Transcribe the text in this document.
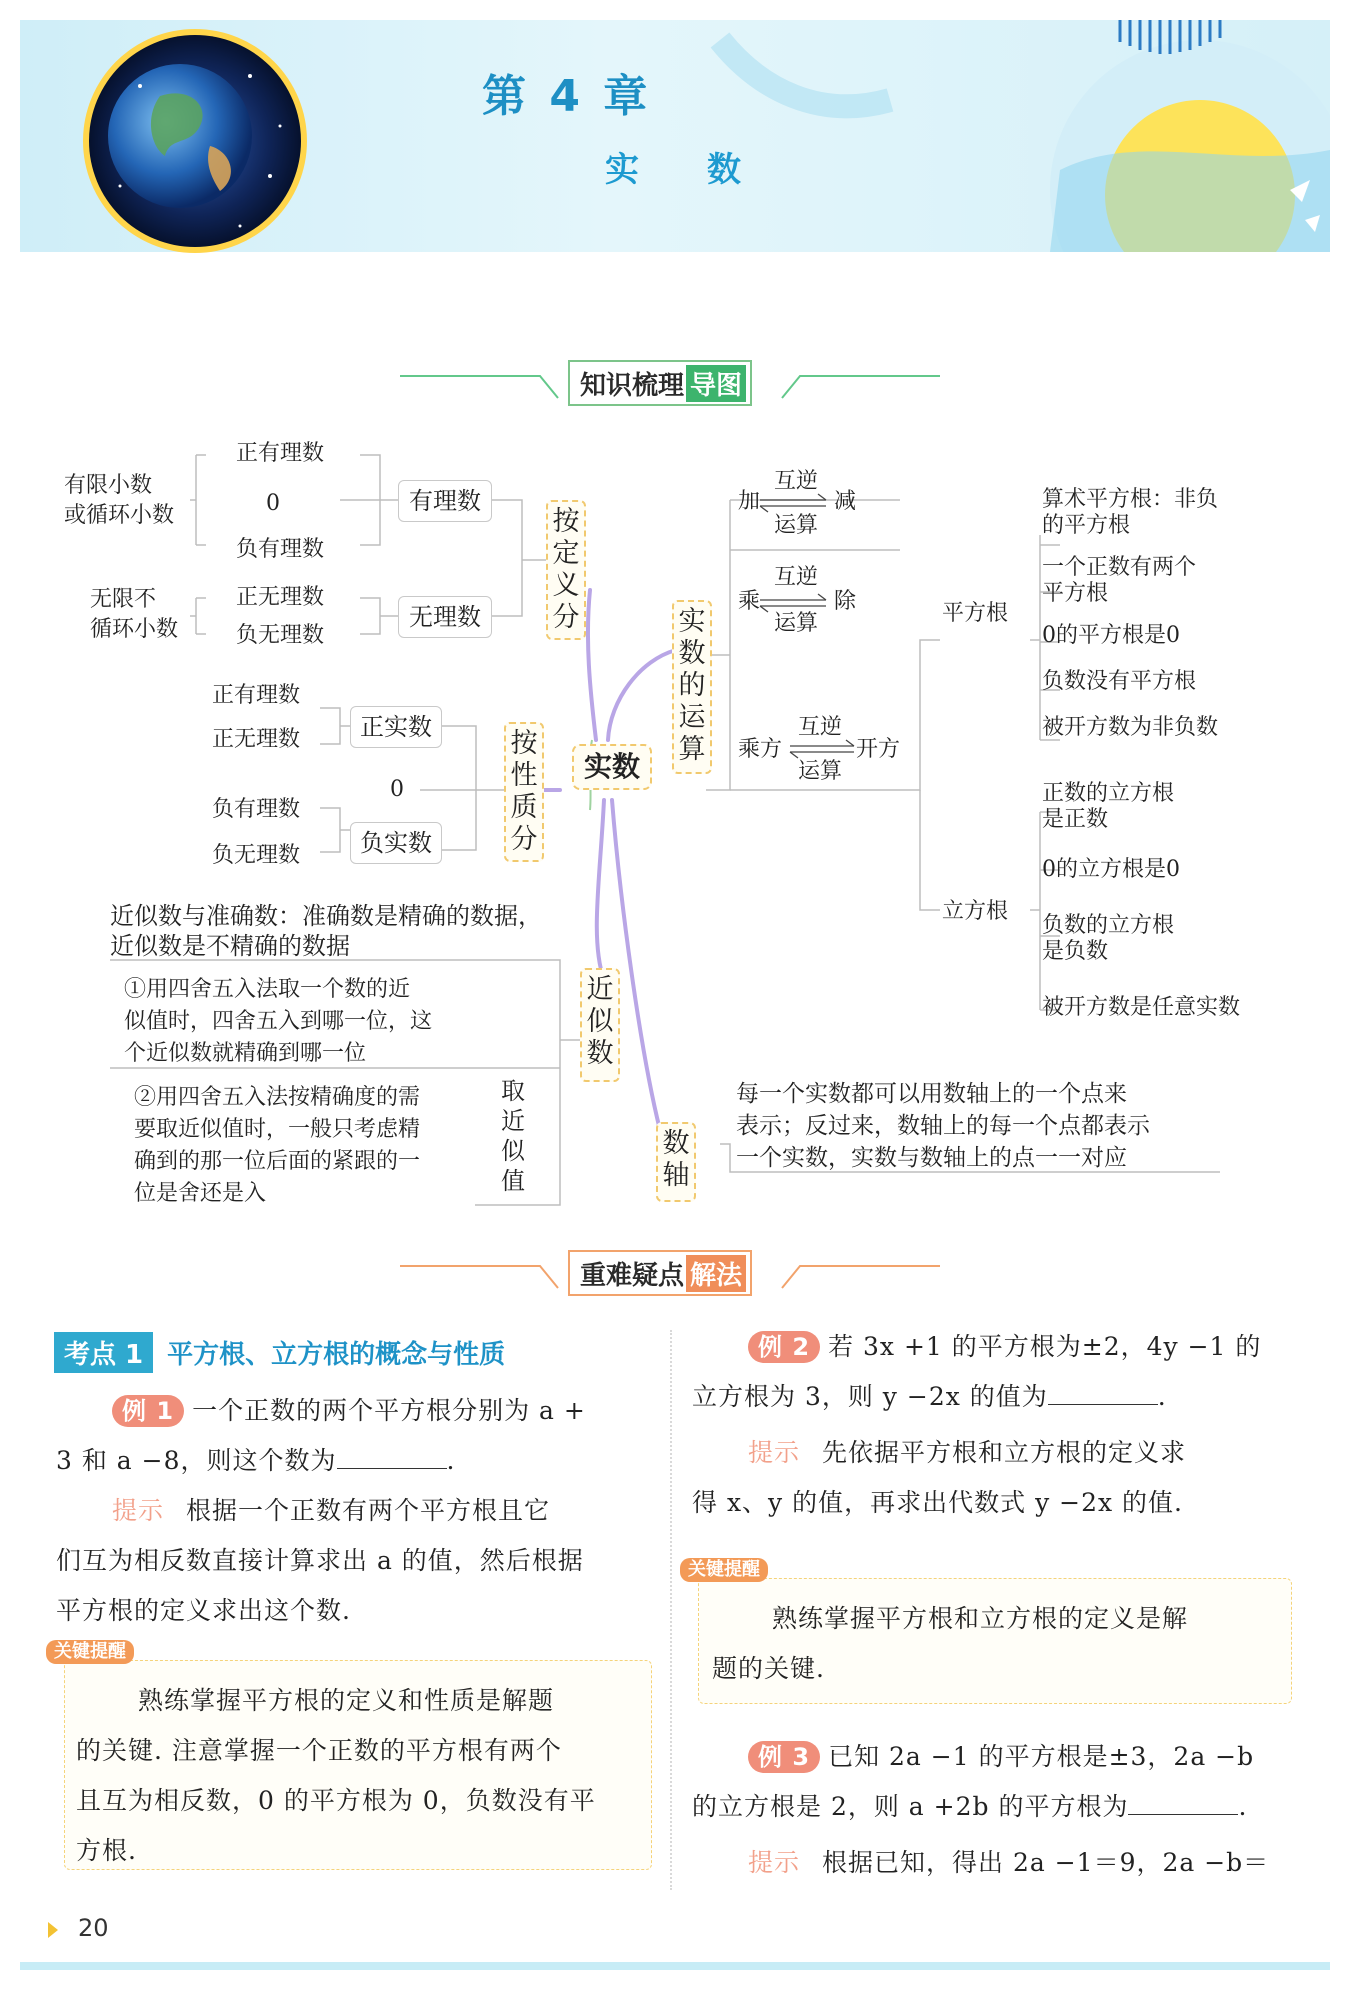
第 4 章
实　　数
知识梳理 导图
有限小数
或循环小数
无限不
循环小数
正有理数
0
负有理数
正无理数
负无理数
有理数
无理数
按
定
义
分
正有理数
正无理数
0
负有理数
负无理数
正实数
负实数
按
性
质
分
实数
近似数与准确数：准确数是精确的数据，
近似数是不精确的数据
①用四舍五入法取一个数的近
似值时，四舍五入到哪一位，这
个近似数就精确到哪一位
②用四舍五入法按精确度的需
要取近似值时，一般只考虑精
确到的那一位后面的紧跟的一
位是舍还是入
取
近
似
值
近
似
数
实
数
的
运
算
加
互逆
运算
减
乘
互逆
运算
除
乘方
互逆
运算
开方
平方根
算术平方根：非负
的平方根
一个正数有两个
平方根
0的平方根是0
负数没有平方根
被开方数为非负数
立方根
正数的立方根
是正数
0的立方根是0
负数的立方根
是负数
被开方数是任意实数
数
轴
每一个实数都可以用数轴上的一个点来
表示；反过来，数轴上的每一个点都表示
一个实数，实数与数轴上的点一一对应
重难疑点 解法
考点 1 平方根、立方根的概念与性质
例 1 一个正数的两个平方根分别为 a +
3 和 a −8，则这个数为	.
提示 根据一个正数有两个平方根且它
们互为相反数直接计算求出 a 的值，然后根据
平方根的定义求出这个数.
关键提醒
熟练掌握平方根的定义和性质是解题
的关键. 注意掌握一个正数的平方根有两个
且互为相反数，0 的平方根为 0，负数没有平
方根.
例 2 若 3x +1 的平方根为±2，4y −1 的
立方根为 3，则 y −2x 的值为	.
提示 先依据平方根和立方根的定义求
得 x、y 的值，再求出代数式 y −2x 的值.
关键提醒
熟练掌握平方根和立方根的定义是解
题的关键.
例 3 已知 2a −1 的平方根是±3，2a −b
的立方根是 2，则 a +2b 的平方根为	.
提示 根据已知，得出 2a −1＝9，2a −b＝
20
